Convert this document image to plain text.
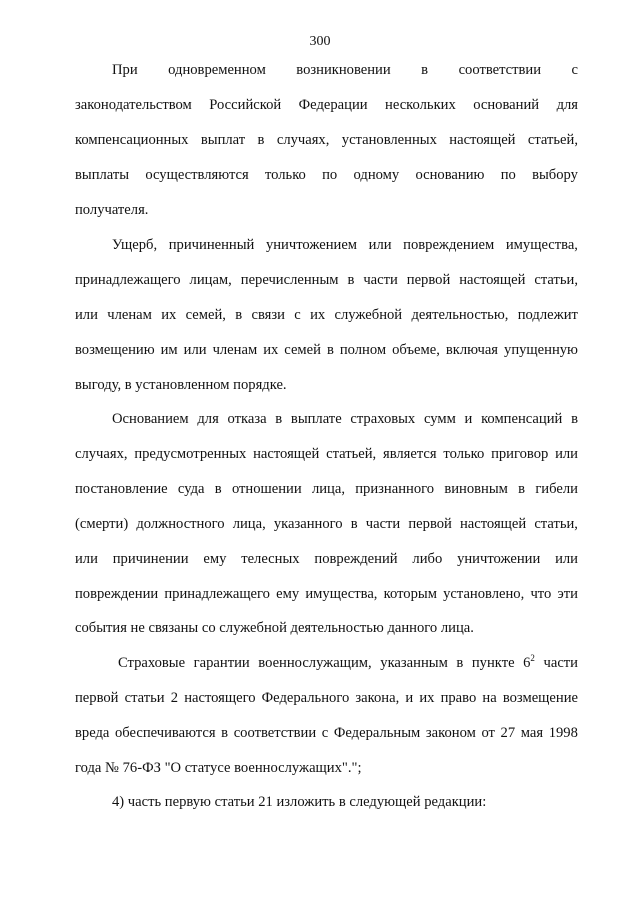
300
При одновременном возникновении в соответствии с
законодательством Российской Федерации нескольких оснований для
компенсационных выплат в случаях, установленных настоящей статьей,
выплаты осуществляются только по одному основанию по выбору
получателя.
Ущерб, причиненный уничтожением или повреждением имущества,
принадлежащего лицам, перечисленным в части первой настоящей статьи,
или членам их семей, в связи с их служебной деятельностью, подлежит
возмещению им или членам их семей в полном объеме, включая упущенную
выгоду, в установленном порядке.
Основанием для отказа в выплате страховых сумм и компенсаций в
случаях, предусмотренных настоящей статьей, является только приговор или
постановление суда в отношении лица, признанного виновным в гибели
(смерти) должностного лица, указанного в части первой настоящей статьи,
или причинении ему телесных повреждений либо уничтожении или
повреждении принадлежащего ему имущества, которым установлено, что эти
события не связаны со служебной деятельностью данного лица.
Страховые гарантии военнослужащим, указанным в пункте $6^2$ части
первой статьи 2 настоящего Федерального закона, и их право на возмещение
вреда обеспечиваются в соответствии с Федеральным законом от 27 мая 1998
года № 76-ФЗ "О статусе военнослужащих".";
4) часть первую статьи 21 изложить в следующей редакции:
